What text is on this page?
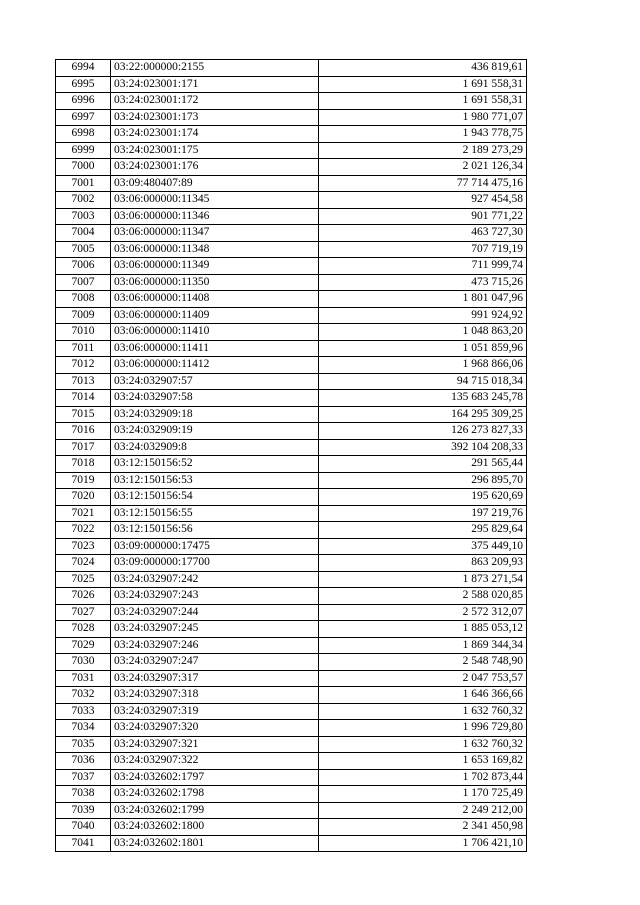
6994	03:22:000000:2155	436 819,61
6995	03:24:023001:171	1 691 558,31
6996	03:24:023001:172	1 691 558,31
6997	03:24:023001:173	1 980 771,07
6998	03:24:023001:174	1 943 778,75
6999	03:24:023001:175	2 189 273,29
7000	03:24:023001:176	2 021 126,34
7001	03:09:480407:89	77 714 475,16
7002	03:06:000000:11345	927 454,58
7003	03:06:000000:11346	901 771,22
7004	03:06:000000:11347	463 727,30
7005	03:06:000000:11348	707 719,19
7006	03:06:000000:11349	711 999,74
7007	03:06:000000:11350	473 715,26
7008	03:06:000000:11408	1 801 047,96
7009	03:06:000000:11409	991 924,92
7010	03:06:000000:11410	1 048 863,20
7011	03:06:000000:11411	1 051 859,96
7012	03:06:000000:11412	1 968 866,06
7013	03:24:032907:57	94 715 018,34
7014	03:24:032907:58	135 683 245,78
7015	03:24:032909:18	164 295 309,25
7016	03:24:032909:19	126 273 827,33
7017	03:24:032909:8	392 104 208,33
7018	03:12:150156:52	291 565,44
7019	03:12:150156:53	296 895,70
7020	03:12:150156:54	195 620,69
7021	03:12:150156:55	197 219,76
7022	03:12:150156:56	295 829,64
7023	03:09:000000:17475	375 449,10
7024	03:09:000000:17700	863 209,93
7025	03:24:032907:242	1 873 271,54
7026	03:24:032907:243	2 588 020,85
7027	03:24:032907:244	2 572 312,07
7028	03:24:032907:245	1 885 053,12
7029	03:24:032907:246	1 869 344,34
7030	03:24:032907:247	2 548 748,90
7031	03:24:032907:317	2 047 753,57
7032	03:24:032907:318	1 646 366,66
7033	03:24:032907:319	1 632 760,32
7034	03:24:032907:320	1 996 729,80
7035	03:24:032907:321	1 632 760,32
7036	03:24:032907:322	1 653 169,82
7037	03:24:032602:1797	1 702 873,44
7038	03:24:032602:1798	1 170 725,49
7039	03:24:032602:1799	2 249 212,00
7040	03:24:032602:1800	2 341 450,98
7041	03:24:032602:1801	1 706 421,10
